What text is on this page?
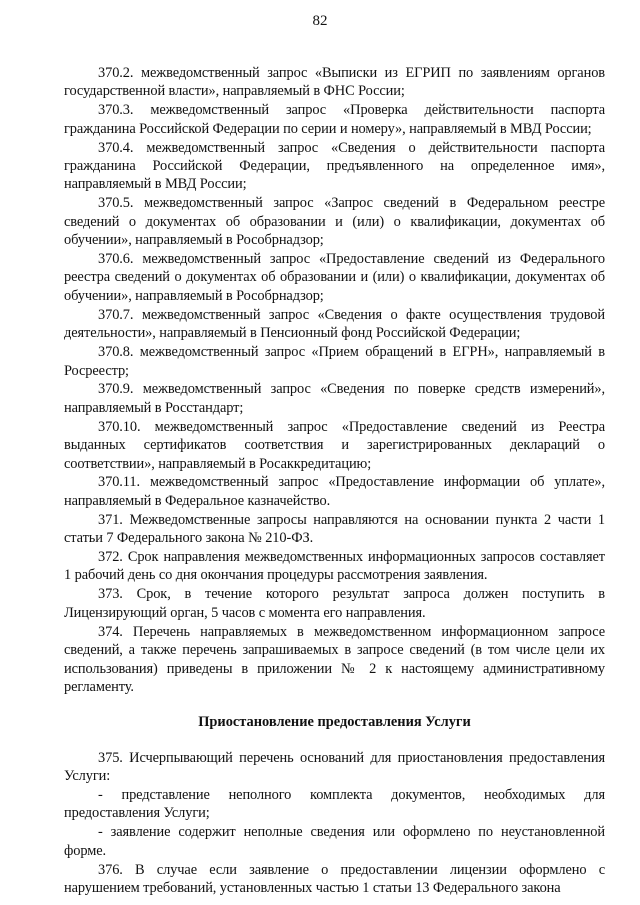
82

370.2. межведомственный запрос «Выписки из ЕГРИП по заявлениям органов государственной власти», направляемый в ФНС России;

370.3. межведомственный запрос «Проверка действительности паспорта гражданина Российской Федерации по серии и номеру», направляемый в МВД России;

370.4. межведомственный запрос «Сведения о действительности паспорта гражданина Российской Федерации, предъявленного на определенное имя», направляемый в МВД России;

370.5. межведомственный запрос «Запрос сведений в Федеральном реестре сведений о документах об образовании и (или) о квалификации, документах об обучении», направляемый в Рособрнадзор;

370.6. межведомственный запрос «Предоставление сведений из Федерального реестра сведений о документах об образовании и (или) о квалификации, документах об обучении», направляемый в Рособрнадзор;

370.7. межведомственный запрос «Сведения о факте осуществления трудовой деятельности», направляемый в Пенсионный фонд Российской Федерации;

370.8. межведомственный запрос «Прием обращений в ЕГРН», направляемый в Росреестр;

370.9. межведомственный запрос «Сведения по поверке средств измерений», направляемый в Росстандарт;

370.10. межведомственный запрос «Предоставление сведений из Реестра выданных сертификатов соответствия и зарегистрированных деклараций о соответствии», направляемый в Росаккредитацию;

370.11. межведомственный запрос «Предоставление информации об уплате», направляемый в Федеральное казначейство.

371. Межведомственные запросы направляются на основании пункта 2 части 1 статьи 7 Федерального закона № 210-ФЗ.

372. Срок направления межведомственных информационных запросов составляет 1 рабочий день со дня окончания процедуры рассмотрения заявления.

373. Срок, в течение которого результат запроса должен поступить в Лицензирующий орган, 5 часов с момента его направления.

374. Перечень направляемых в межведомственном информационном запросе сведений, а также перечень запрашиваемых в запросе сведений (в том числе цели их использования) приведены в приложении № 2 к настоящему административному регламенту.

Приостановление предоставления Услуги

375. Исчерпывающий перечень оснований для приостановления предоставления Услуги:

- представление неполного комплекта документов, необходимых для предоставления Услуги;

- заявление содержит неполные сведения или оформлено по неустановленной форме.

376. В случае если заявление о предоставлении лицензии оформлено с нарушением требований, установленных частью 1 статьи 13 Федерального закона
